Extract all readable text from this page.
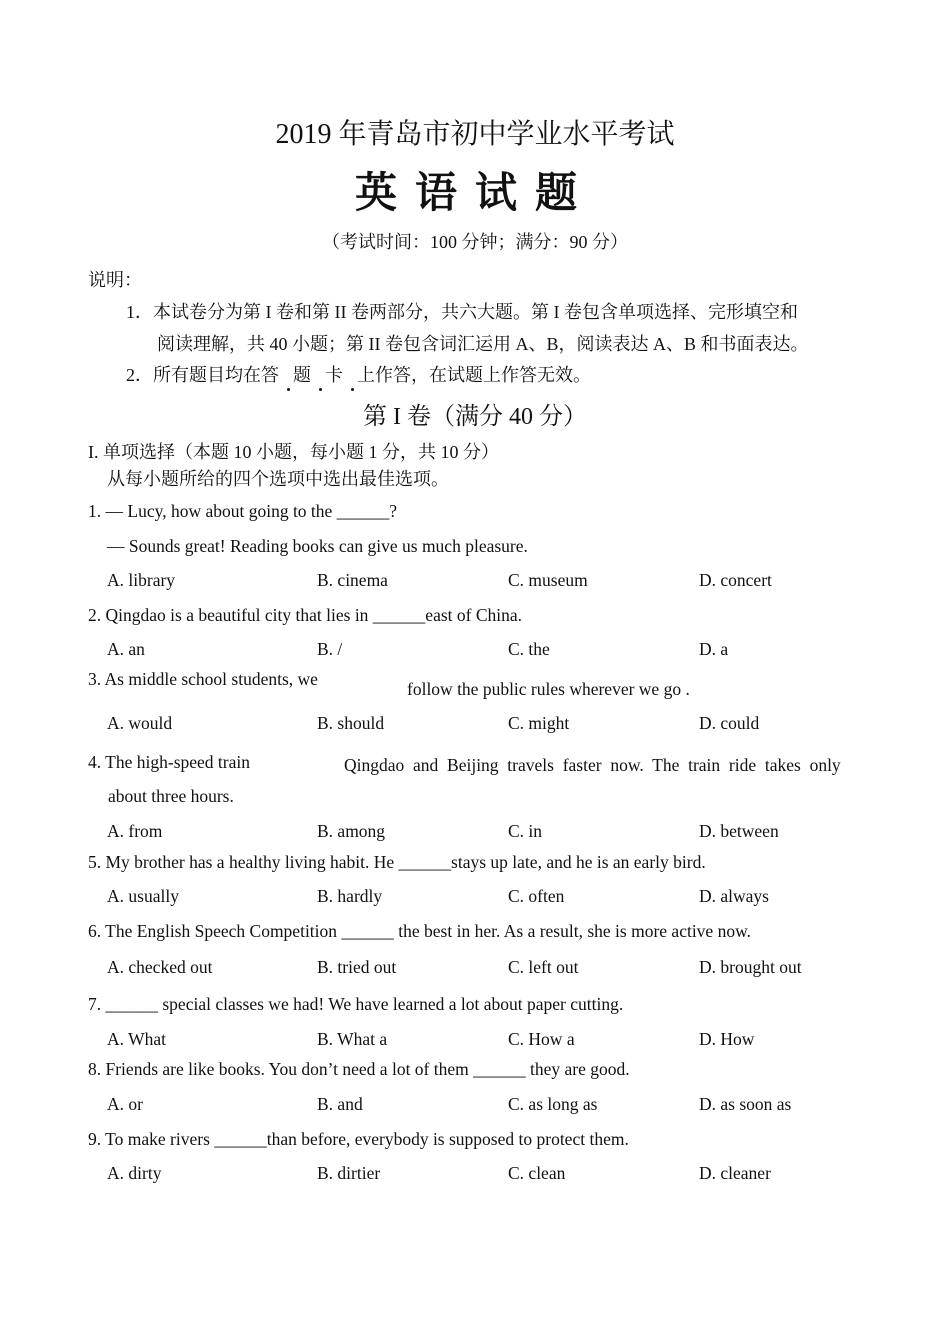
2019 年青岛市初中学业水平考试
英语试题
（考试时间：100 分钟；满分：90 分）
说明：
1．本试卷分为第 I 卷和第 II 卷两部分，共六大题。第 I 卷包含单项选择、完形填空和
阅读理解，共 40 小题；第 II 卷包含词汇运用 A、B，阅读表达 A、B 和书面表达。
2．所有题目均在答 题 卡 上作答，在试题上作答无效。
第 I 卷（满分 40 分）
I. 单项选择（本题 10 小题，每小题 1 分，共 10 分）
从每小题所给的四个选项中选出最佳选项。
1. — Lucy, how about going to the ______?
— Sounds great! Reading books can give us much pleasure.
A. library	B. cinema	C. museum	D. concert
2. Qingdao is a beautiful city that lies in ______east of China.
A. an	B. /	C. the	D. a
3. As middle school students, we	follow the public rules wherever we go .
A. would	B. should	C. might	D. could
4. The high-speed train	Qingdao  and  Beijing  travels  faster  now.  The  train  ride  takes  only
about three hours.
A. from	B. among	C. in	D. between
5. My brother has a healthy living habit. He ______stays up late, and he is an early bird.
A. usually	B. hardly	C. often	D. always
6. The English Speech Competition ______ the best in her. As a result, she is more active now.
A. checked out	B. tried out	C. left out	D. brought out
7. ______ special classes we had! We have learned a lot about paper cutting.
A. What	B. What a	C. How a	D. How
8. Friends are like books. You don’t need a lot of them ______ they are good.
A. or	B. and	C. as long as	D. as soon as
9. To make rivers ______than before, everybody is supposed to protect them.
A. dirty	B. dirtier	C. clean	D. cleaner
